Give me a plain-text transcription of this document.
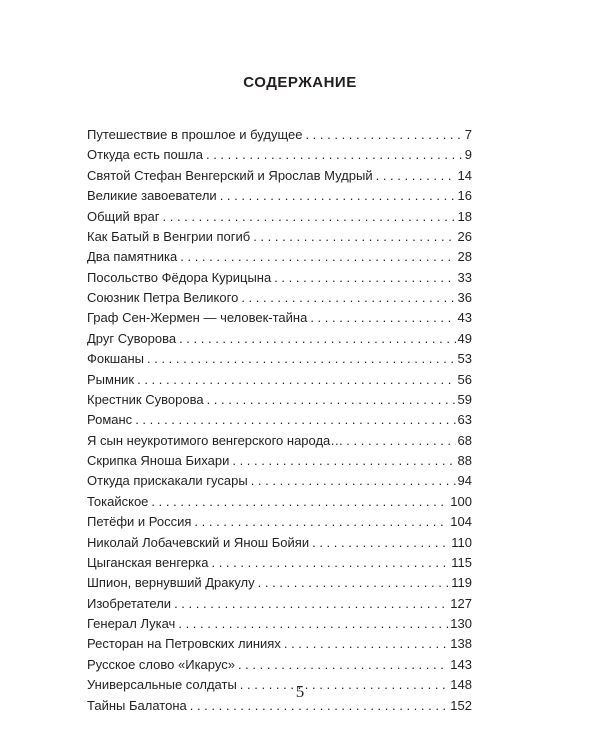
СОДЕРЖАНИЕ
Путешествие в прошлое и будущее . . .	7
Откуда есть пошла . . .	9
Святой Стефан Венгерский и Ярослав Мудрый . . .	14
Великие завоеватели . . .	16
Общий враг . . .	18
Как Батый в Венгрии погиб . . .	26
Два памятника . . .	28
Посольство Фёдора Курицына . . .	33
Союзник Петра Великого . . .	36
Граф Сен-Жермен — человек-тайна . . .	43
Друг Суворова . . .	49
Фокшаны . . .	53
Рымник . . .	56
Крестник Суворова . . .	59
Романс . . .	63
Я сын неукротимого венгерского народа… . . .	68
Скрипка Яноша Бихари . . .	88
Откуда прискакали гусары . . .	94
Токайское . . .	100
Петёфи и Россия . . .	104
Николай Лобачевский и Янош Бойяи . . .	110
Цыганская венгерка . . .	115
Шпион, вернувший Дракулу . . .	119
Изобретатели . . .	127
Генерал Лукач . . .	130
Ресторан на Петровских линиях . . .	138
Русское слово «Икарус» . . .	143
Универсальные солдаты . . .	148
Тайны Балатона . . .	152
5
